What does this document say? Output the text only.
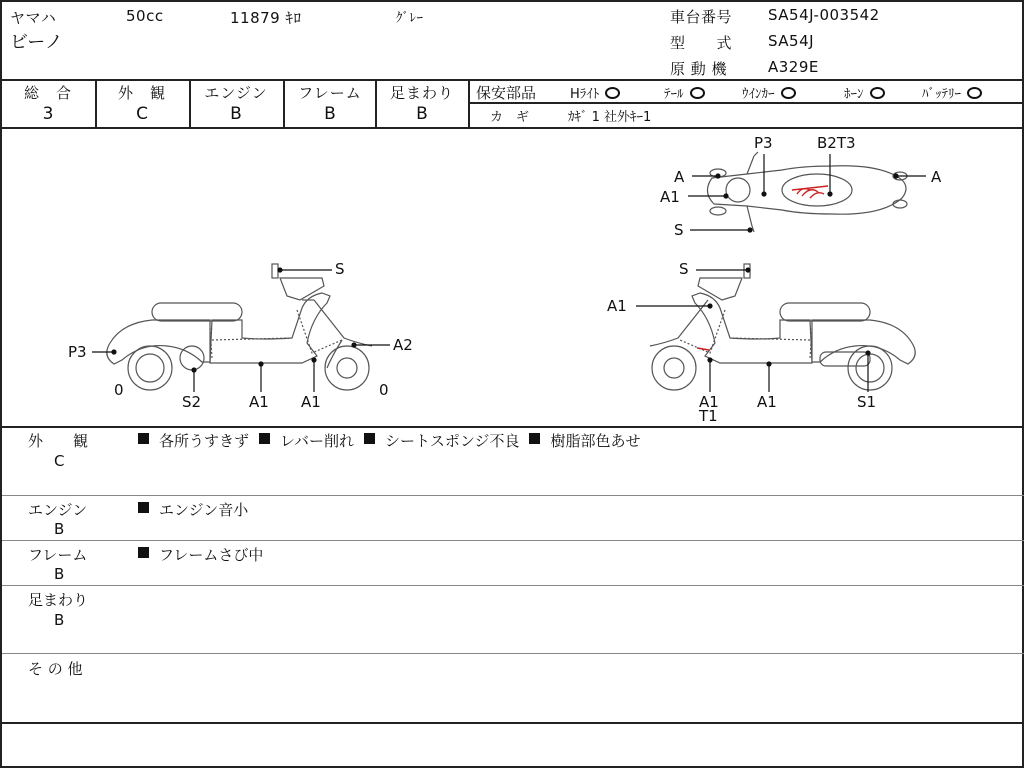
ヤマハ	50cc	11879 ｷﾛ	ｸﾞﾚｰ
ビーノ
車台番号 SA54J-003542
型　　式 SA54J
原 動 機	A329E
総　合
3
外　観
C
エンジン
B
フレーム
B
足まわり
B
保安部品	Hﾗｲﾄ	ﾃｰﾙ	ｳｲﾝｶｰ	ﾎｰﾝ	ﾊﾞｯﾃﾘｰ
カ　ギ	ｶｷﾞ 1 社外ｷｰ1
S
P3	A2
S2	A1 A1
0	0
S
A1
A1
T1
A1	S1
P3	B2T3
A	A
A1
S
外　　観
C
各所うすきず レバー削れ シートスポンジ不良 樹脂部色あせ
エンジン
B
エンジン音小
フレーム
B
フレームさび中
足まわり
B
そ の 他
